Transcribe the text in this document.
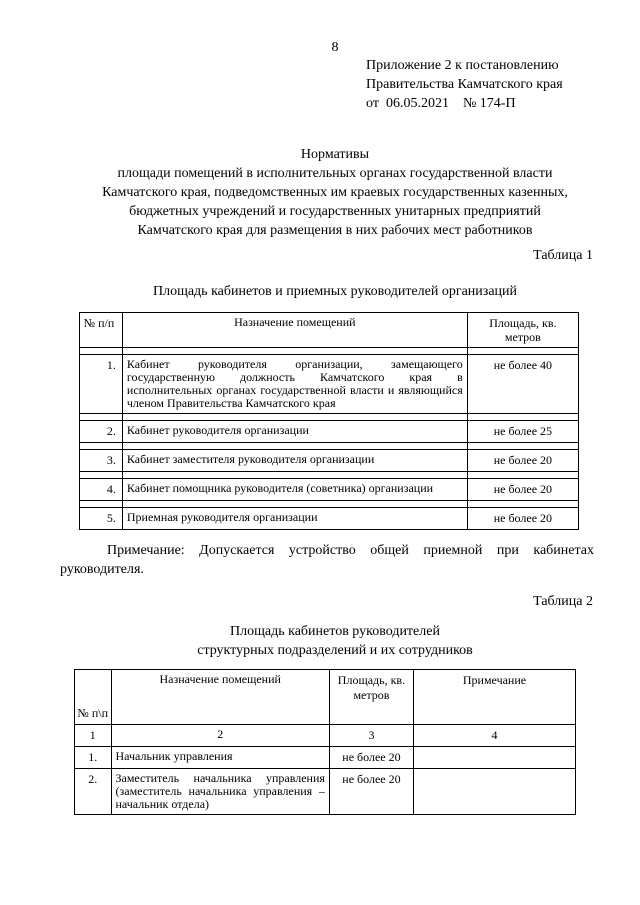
8
Приложение 2 к постановлению
Правительства Камчатского края
от 06.05.2021 № 174-П
Нормативы
площади помещений в исполнительных органах государственной власти
Камчатского края, подведомственных им краевых государственных казенных,
бюджетных учреждений и государственных унитарных предприятий
Камчатского края для размещения в них рабочих мест работников
Таблица 1
Площадь кабинетов и приемных руководителей организаций
№ п/п	Назначение помещений	Площадь, кв. метров

1.	Кабинет руководителя организации, замещающего государственную должность Камчатского края в исполнительных органах государственной власти и являющийся членом Правительства Камчатского края	не более 40

2.	Кабинет руководителя организации	не более 25

3.	Кабинет заместителя руководителя организации	не более 20

4.	Кабинет помощника руководителя (советника) организации	не более 20

5.	Приемная руководителя организации	не более 20
Примечание: Допускается устройство общей приемной при кабинетах руководителя.
Таблица 2
Площадь кабинетов руководителей
структурных подразделений и их сотрудников
№ п\п	Назначение помещений	Площадь, кв. метров	Примечание
1	2	3	4
1.	Начальник управления	не более 20	
2.	Заместитель начальника управления (заместитель начальника управления – начальник отдела)	не более 20	
